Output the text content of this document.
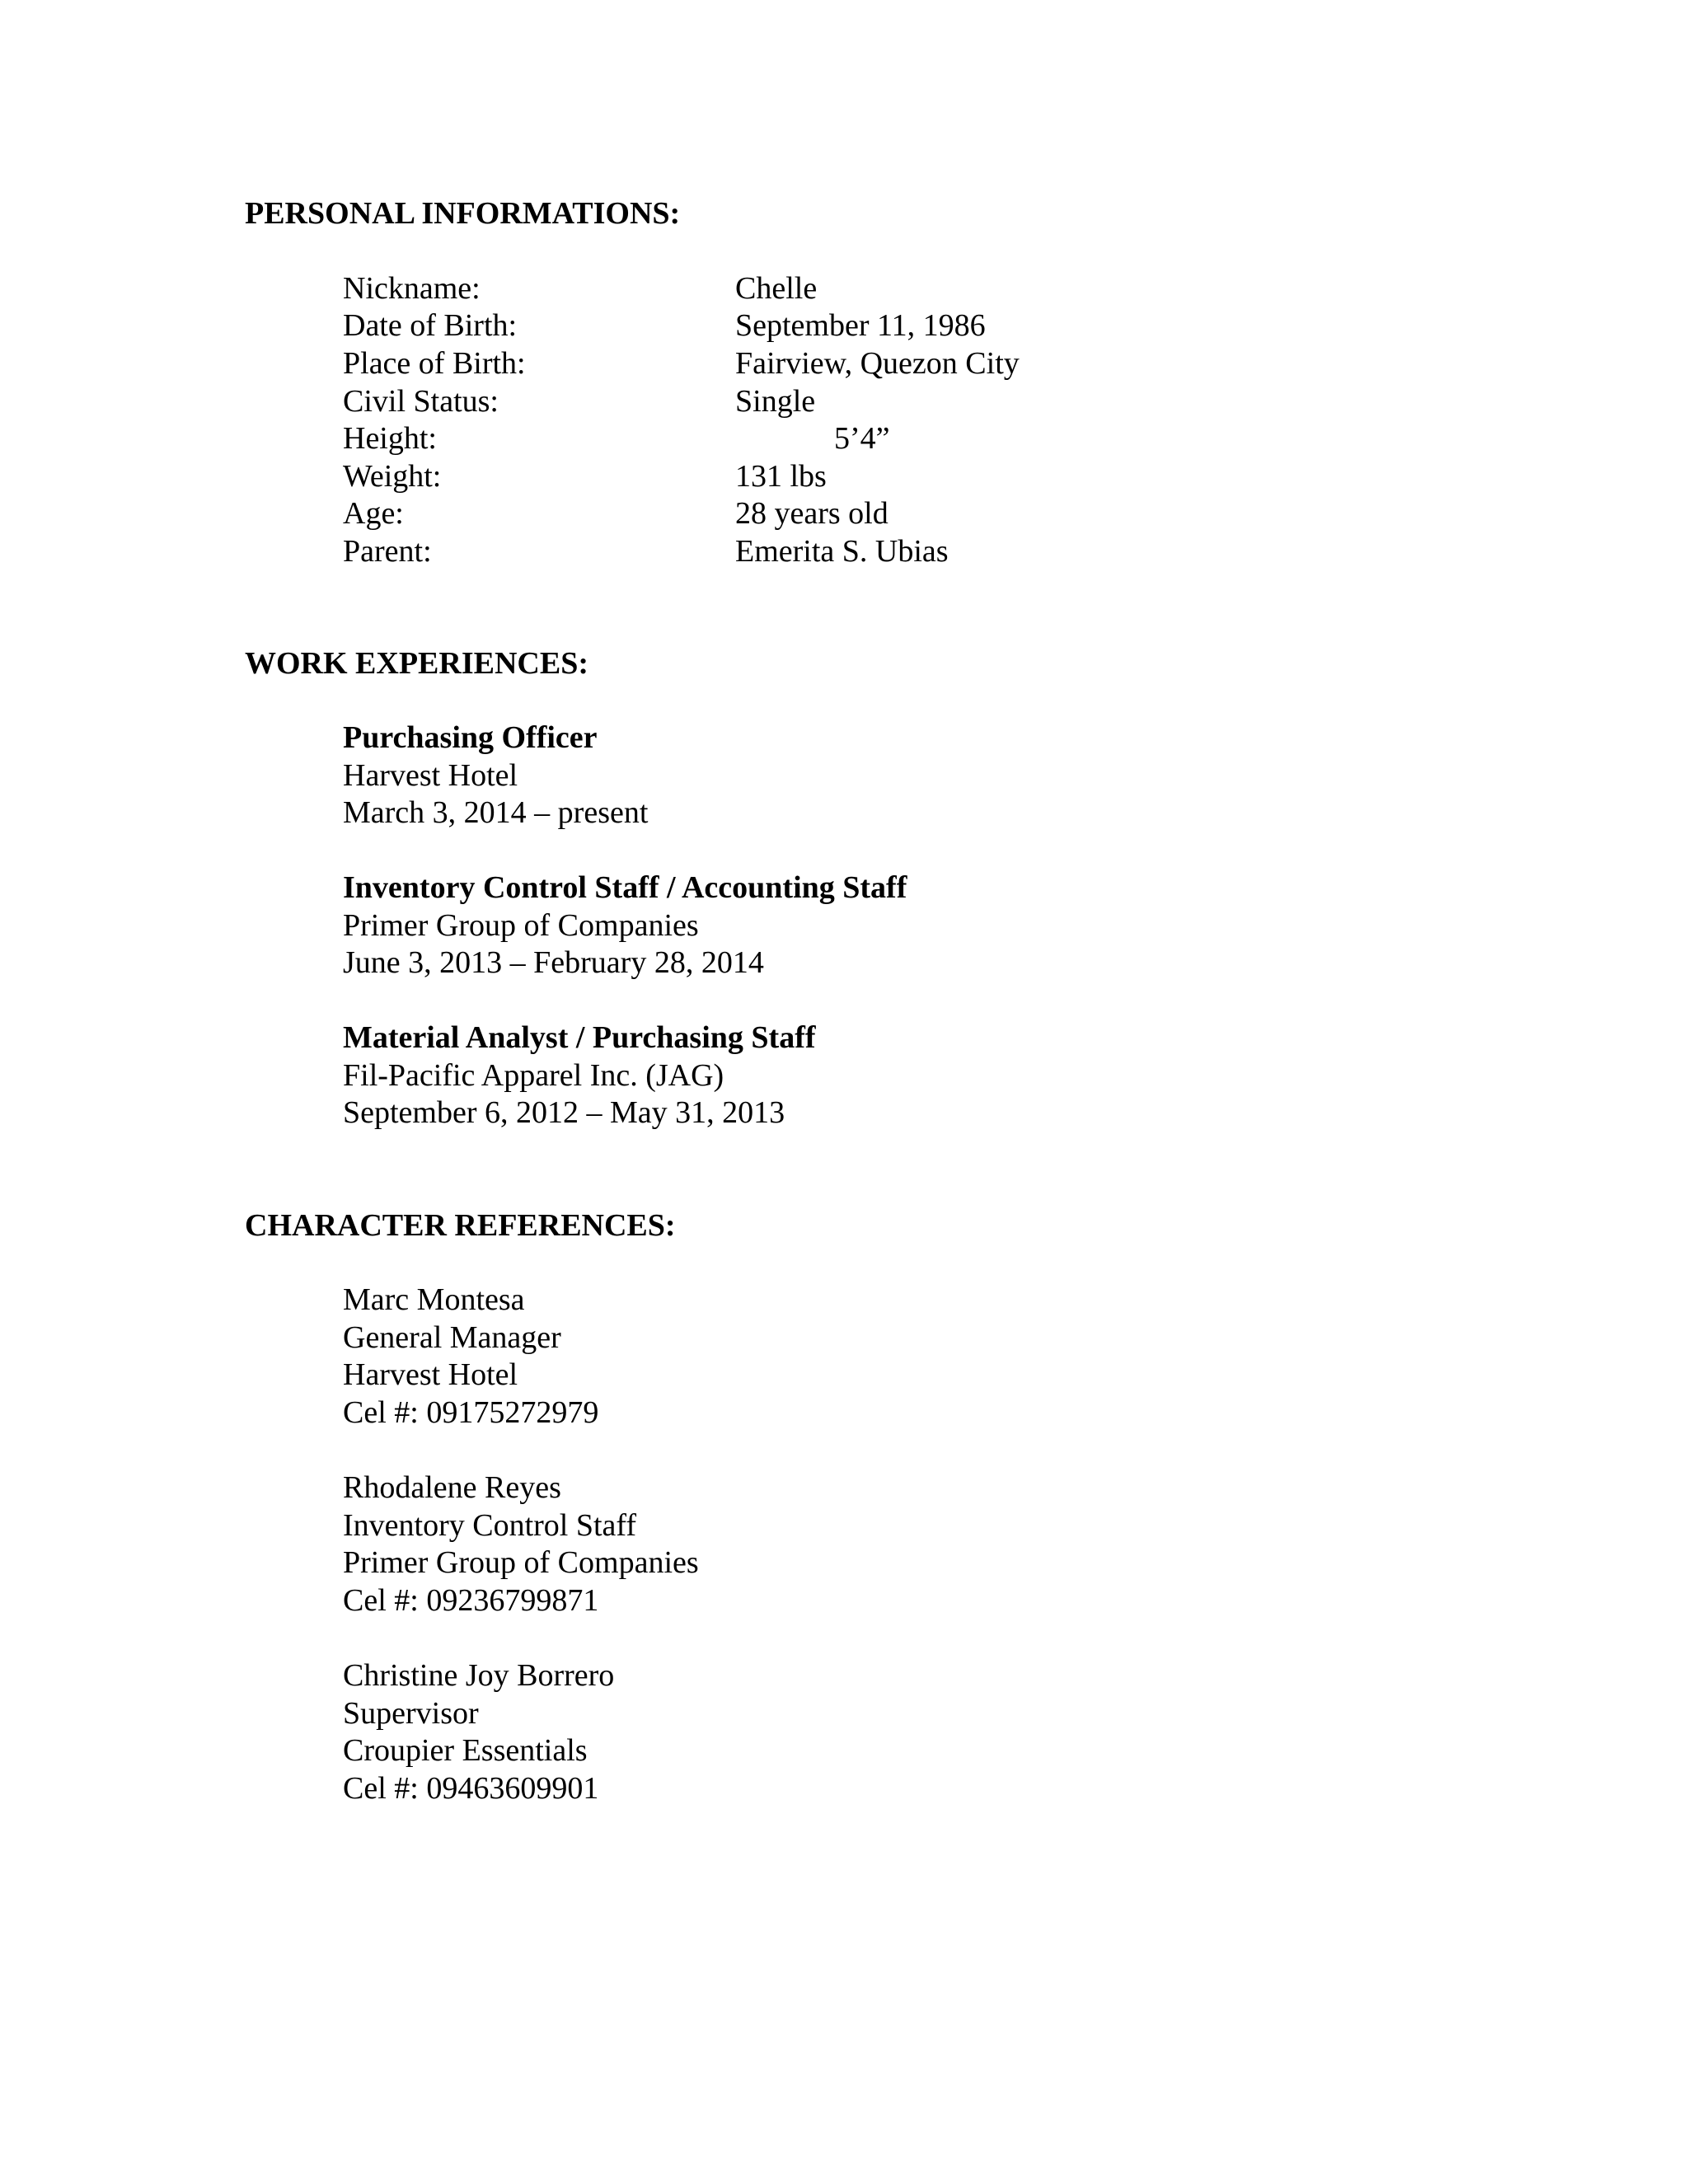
PERSONAL INFORMATIONS:
Nickname:	Chelle
Date of Birth:	September 11, 1986
Place of Birth:	Fairview, Quezon City
Civil Status:	Single
Height:	5’4”
Weight:	131 lbs
Age:	28 years old
Parent:	Emerita S. Ubias
WORK EXPERIENCES:
Purchasing Officer
Harvest Hotel
March 3, 2014 – present
Inventory Control Staff / Accounting Staff
Primer Group of Companies
June 3, 2013 – February 28, 2014
Material Analyst / Purchasing Staff
Fil-Pacific Apparel Inc. (JAG)
September 6, 2012 – May 31, 2013
CHARACTER REFERENCES:
Marc Montesa
General Manager
Harvest Hotel
Cel #: 09175272979
Rhodalene Reyes
Inventory Control Staff
Primer Group of Companies
Cel #: 09236799871
Christine Joy Borrero
Supervisor
Croupier Essentials
Cel #: 09463609901
